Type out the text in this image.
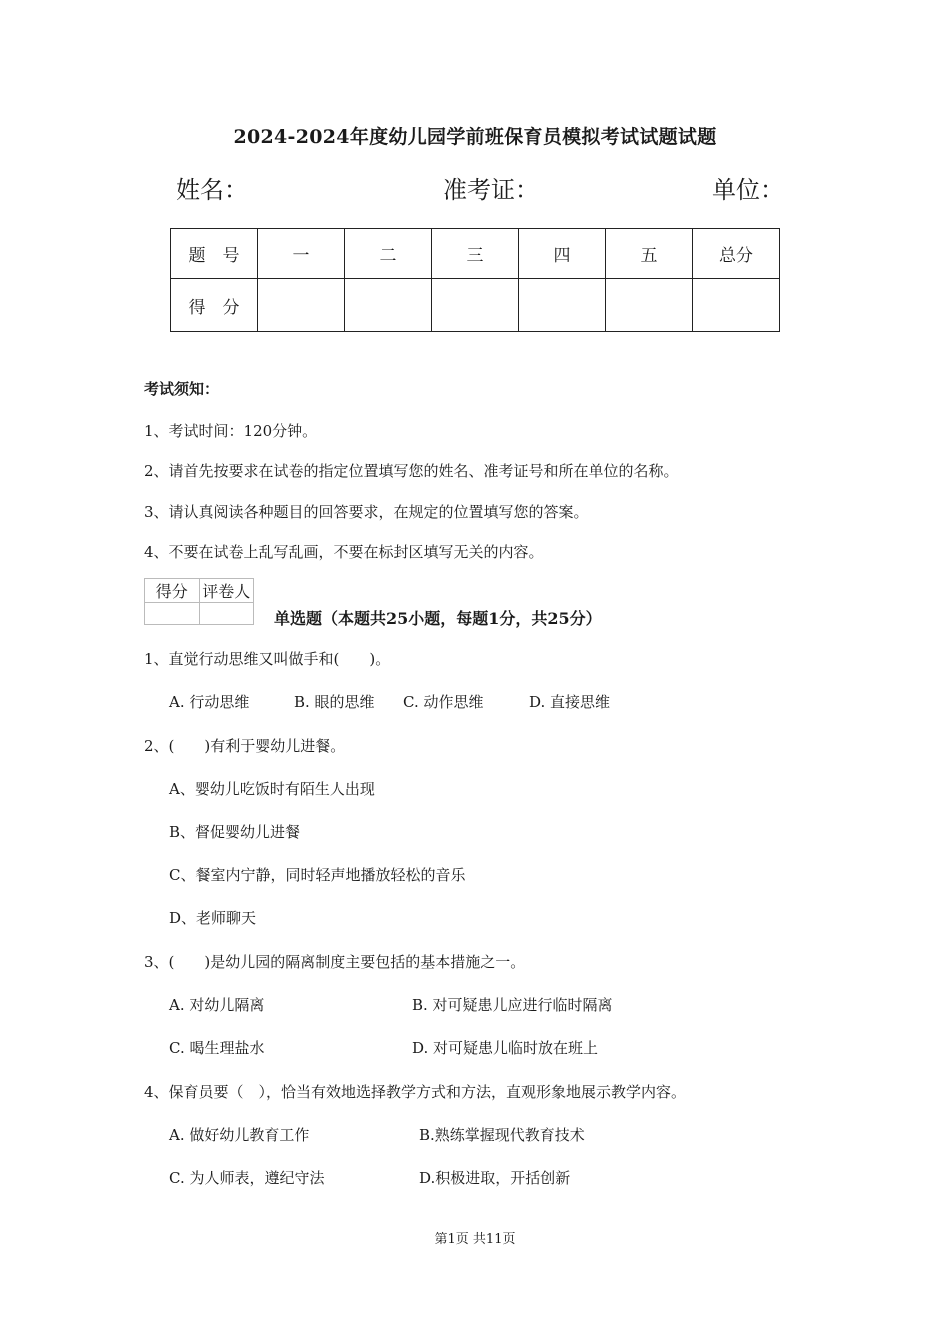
2024-2024年度幼儿园学前班保育员模拟考试试题试题
姓名：	准考证：	单位：
题　号	一	二	三	四	五	总分
得　分						
考试须知：
1、考试时间：120分钟。
2、请首先按要求在试卷的指定位置填写您的姓名、准考证号和所在单位的名称。
3、请认真阅读各种题目的回答要求，在规定的位置填写您的答案。
4、不要在试卷上乱写乱画，不要在标封区填写无关的内容。
得分	评卷人

单选题（本题共25小题，每题1分，共25分）
1、直觉行动思维又叫做手和(　　)。
A. 行动思维	B. 眼的思维 C. 动作思维	D. 直接思维
2、(　　)有利于婴幼儿进餐。
A、婴幼儿吃饭时有陌生人出现
B、督促婴幼儿进餐
C、餐室内宁静，同时轻声地播放轻松的音乐
D、老师聊天
3、(　　)是幼儿园的隔离制度主要包括的基本措施之一。
A. 对幼儿隔离	B. 对可疑患儿应进行临时隔离
C. 喝生理盐水	D. 对可疑患儿临时放在班上
4、保育员要（　），恰当有效地选择教学方式和方法，直观形象地展示教学内容。
A. 做好幼儿教育工作	B.熟练掌握现代教育技术
C. 为人师表，遵纪守法	D.积极进取，开括创新
第1页 共11页
